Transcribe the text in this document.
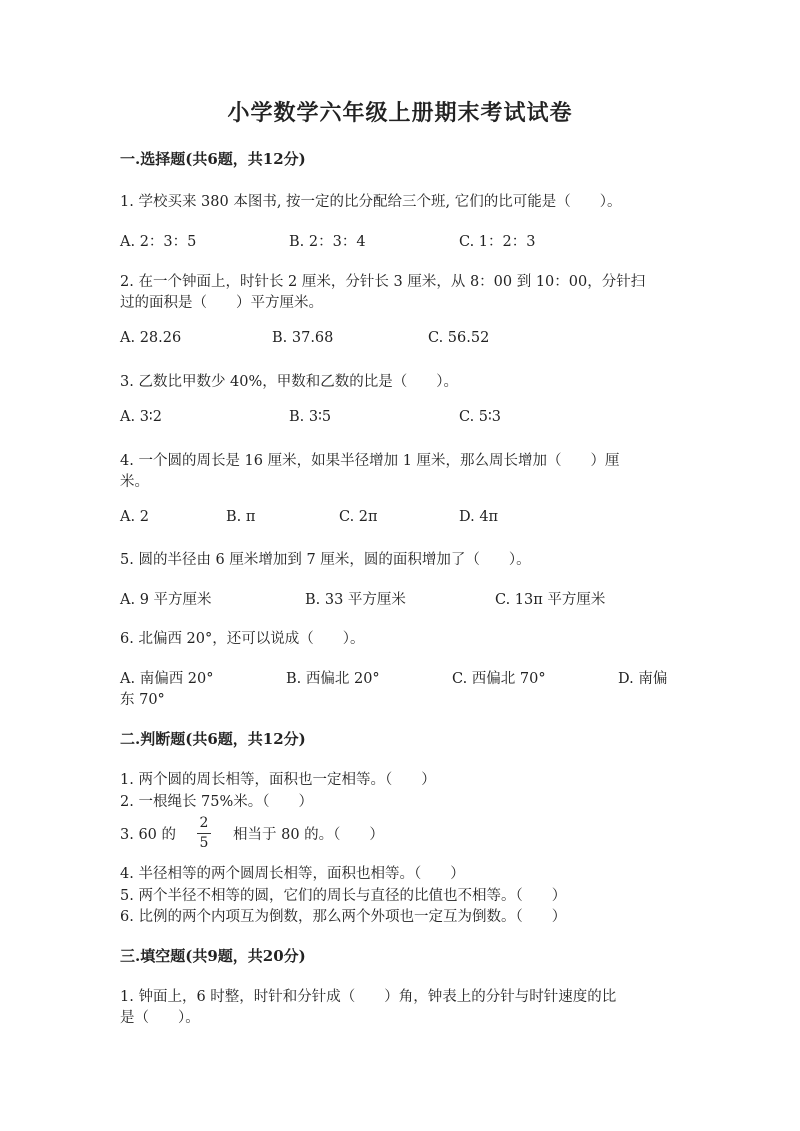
小学数学六年级上册期末考试试卷
一.选择题(共6题，共12分)
1. 学校买来 380 本图书, 按一定的比分配给三个班, 它们的比可能是（　　）。
A. 2：3：5	B. 2：3：4	C. 1：2：3
2. 在一个钟面上，时针长 2 厘米，分针长 3 厘米，从 8：00 到 10：00，分针扫
过的面积是（　　）平方厘米。
A. 28.26	B. 37.68	C. 56.52
3. 乙数比甲数少 40%，甲数和乙数的比是（　　）。
A. 3∶2	B. 3∶5	C. 5∶3
4. 一个圆的周长是 16 厘米，如果半径增加 1 厘米，那么周长增加（　　）厘
米。
A. 2	B. π	C. 2π	D. 4π
5. 圆的半径由 6 厘米增加到 7 厘米，圆的面积增加了（　　）。
A. 9 平方厘米	B. 33 平方厘米	C. 13π 平方厘米
6. 北偏西 20°，还可以说成（　　）。
A. 南偏西 20°	B. 西偏北 20°	C. 西偏北 70°	D. 南偏
东 70°
二.判断题(共6题，共12分)
1. 两个圆的周长相等，面积也一定相等。（　　）
2. 一根绳长 75%米。（　　）
3. 60 的
2
5 相当于 80 的。（　　）
4. 半径相等的两个圆周长相等，面积也相等。（　　）
5. 两个半径不相等的圆，它们的周长与直径的比值也不相等。（　　）
6. 比例的两个内项互为倒数，那么两个外项也一定互为倒数。（　　）
三.填空题(共9题，共20分)
1. 钟面上，6 时整，时针和分针成（　　）角，钟表上的分针与时针速度的比
是（　　）。
